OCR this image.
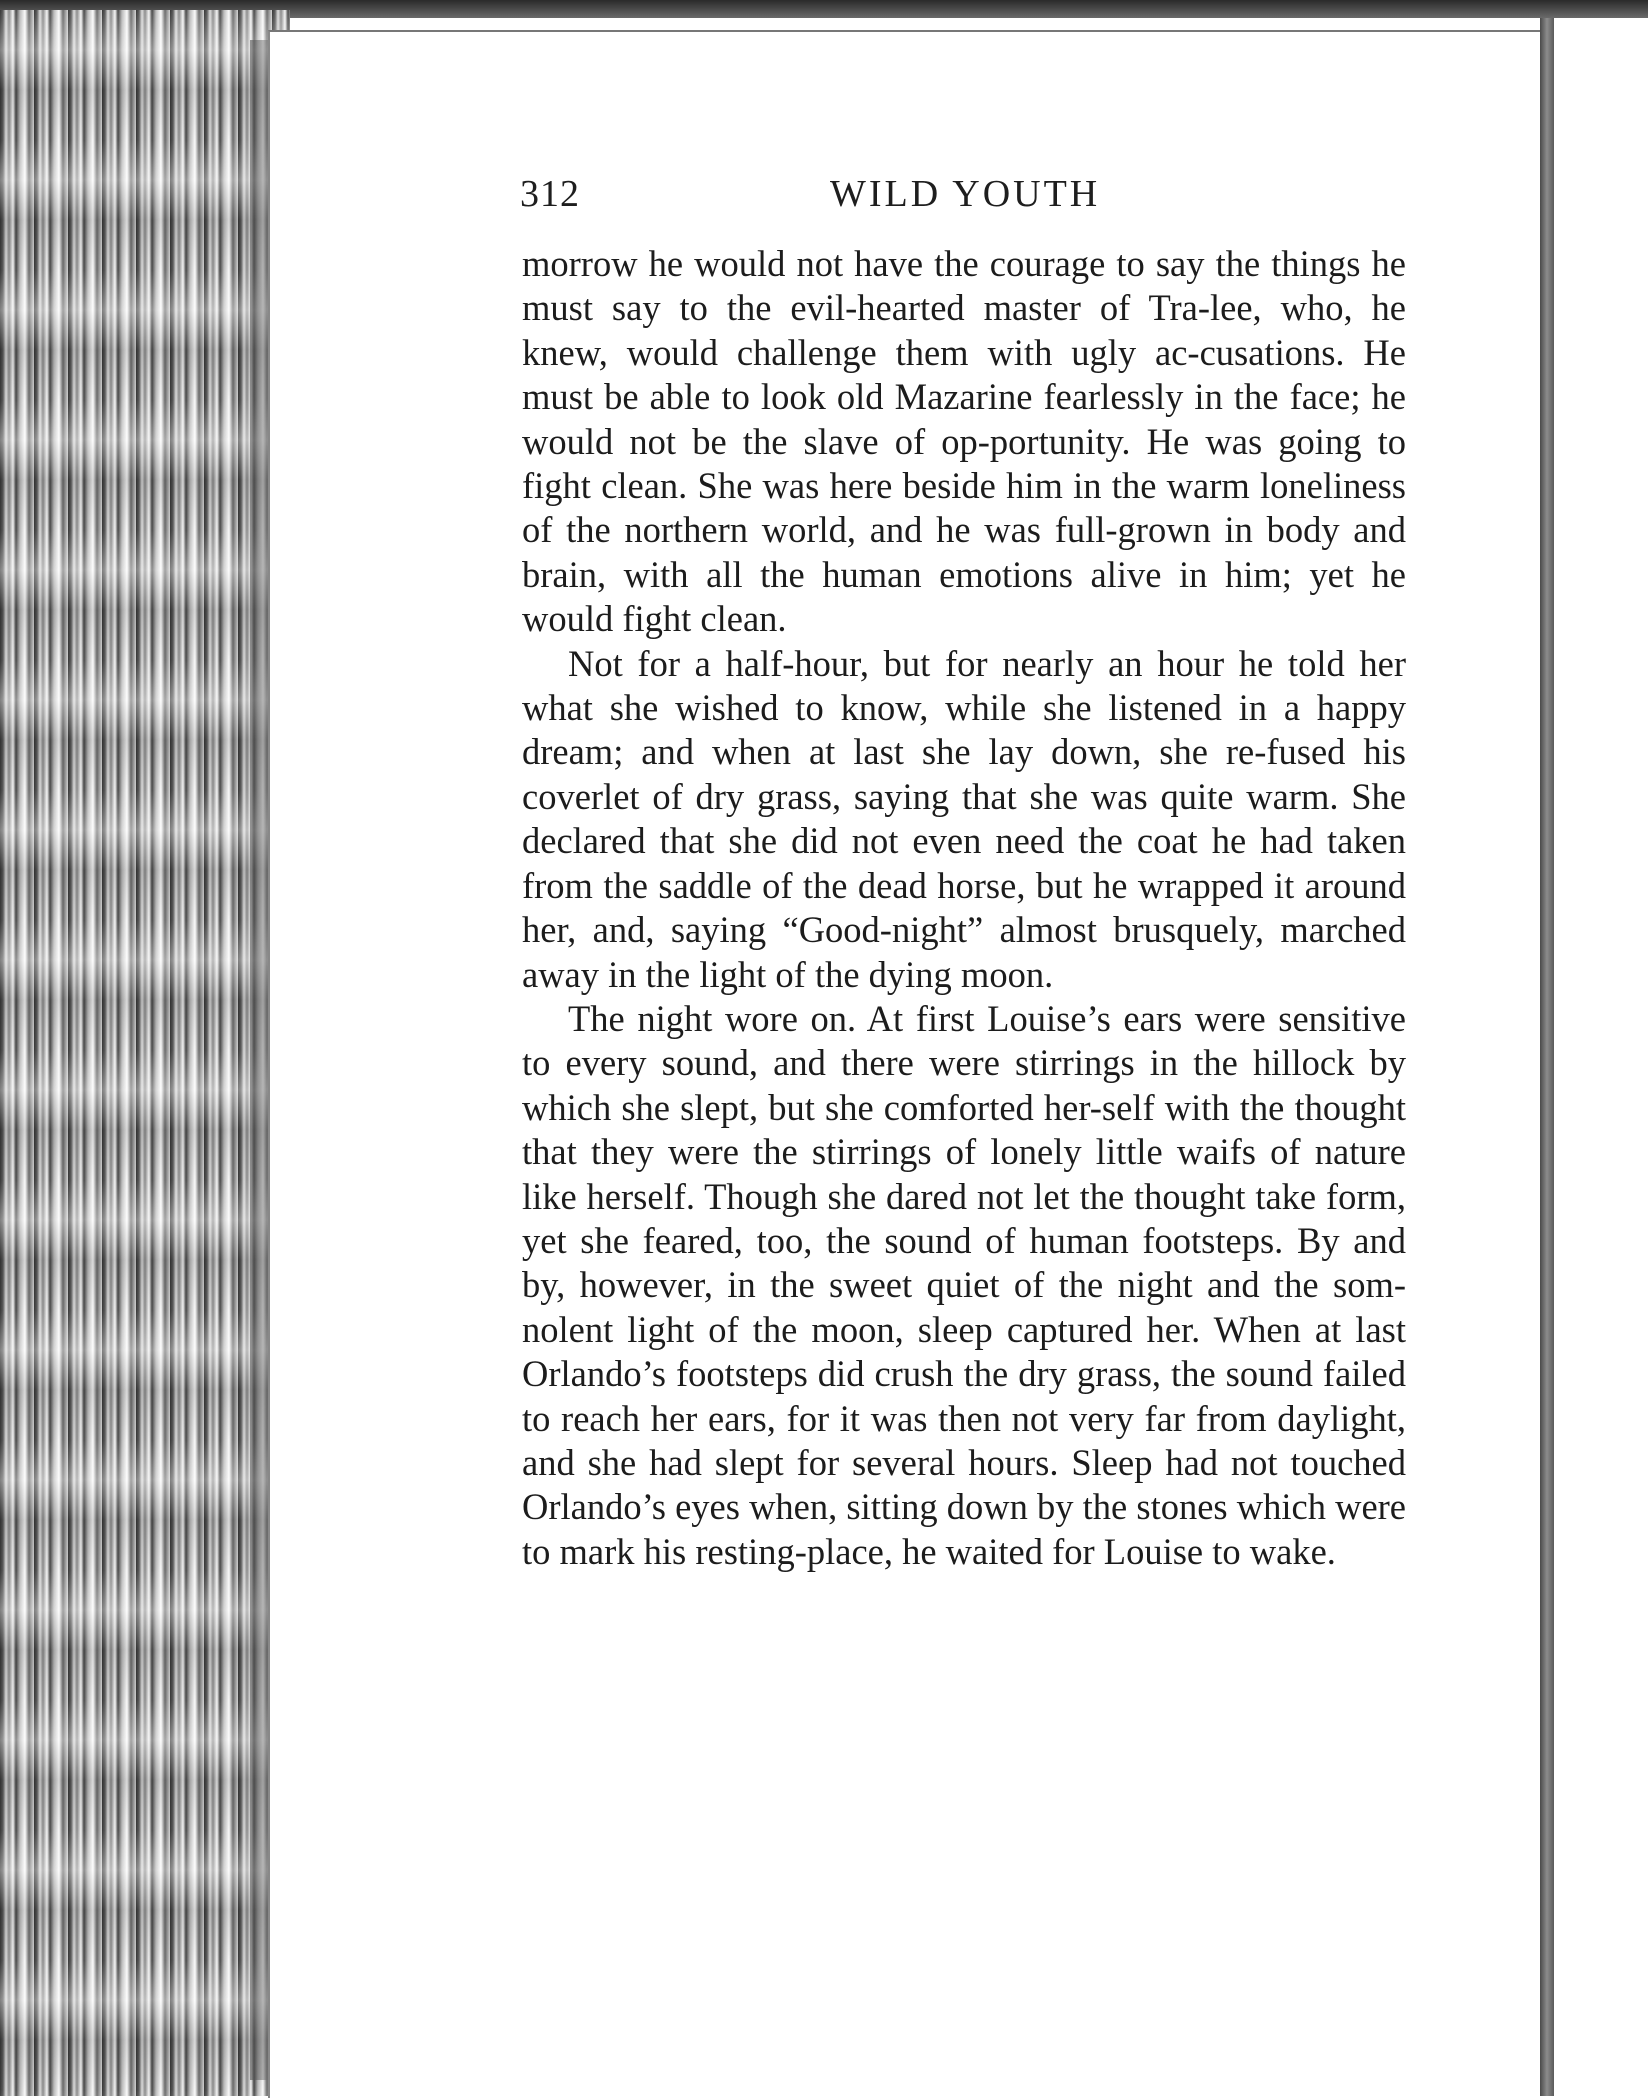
312	WILD YOUTH

morrow he would not have the courage to say the things he must say to the evil-hearted master of Tra-lee, who, he knew, would challenge them with ugly ac-cusations. He must be able to look old Mazarine fearlessly in the face; he would not be the slave of op-portunity. He was going to fight clean. She was here beside him in the warm loneliness of the northern world, and he was full-grown in body and brain, with all the human emotions alive in him; yet he would fight clean.

Not for a half-hour, but for nearly an hour he told her what she wished to know, while she listened in a happy dream; and when at last she lay down, she re-fused his coverlet of dry grass, saying that she was quite warm. She declared that she did not even need the coat he had taken from the saddle of the dead horse, but he wrapped it around her, and, saying “Good-night” almost brusquely, marched away in the light of the dying moon.

The night wore on. At first Louise’s ears were sensitive to every sound, and there were stirrings in the hillock by which she slept, but she comforted her-self with the thought that they were the stirrings of lonely little waifs of nature like herself. Though she dared not let the thought take form, yet she feared, too, the sound of human footsteps. By and by, however, in the sweet quiet of the night and the som-nolent light of the moon, sleep captured her. When at last Orlando’s footsteps did crush the dry grass, the sound failed to reach her ears, for it was then not very far from daylight, and she had slept for several hours. Sleep had not touched Orlando’s eyes when, sitting down by the stones which were to mark his resting-place, he waited for Louise to wake.
